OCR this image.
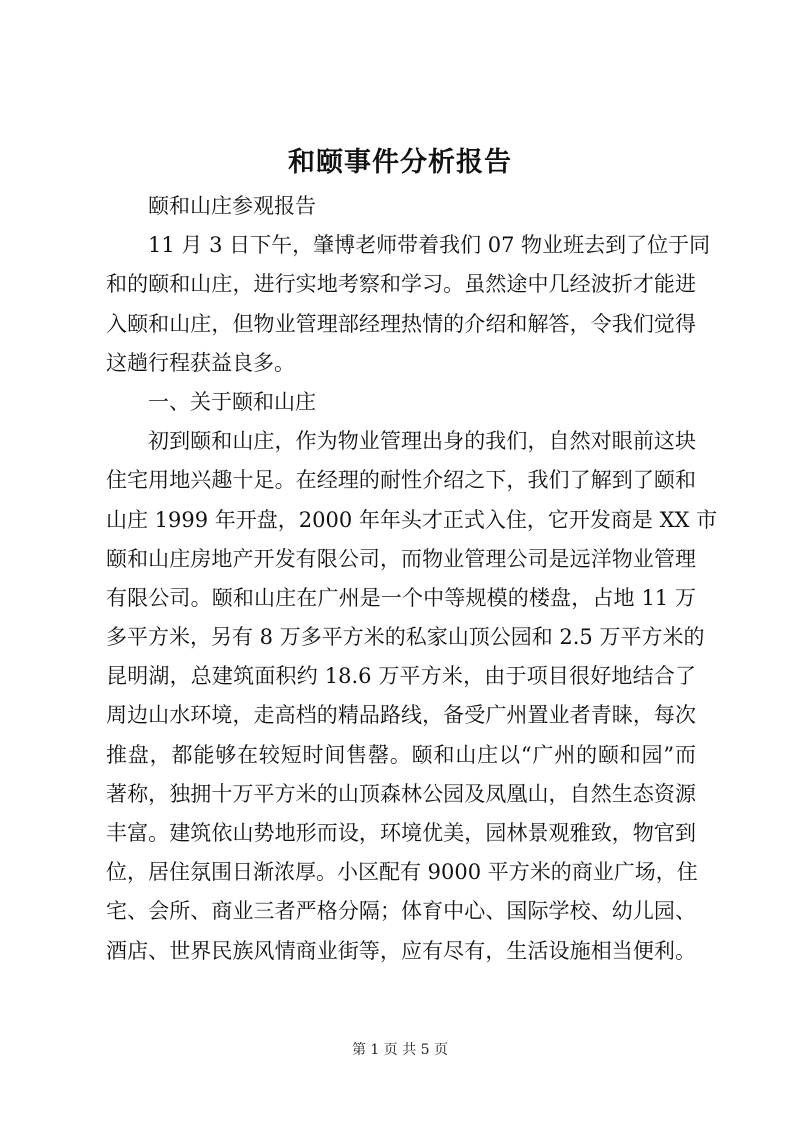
和颐事件分析报告
颐和山庄参观报告
11 月 3 日下午，肇博老师带着我们 07 物业班去到了位于同
和的颐和山庄，进行实地考察和学习。虽然途中几经波折才能进
入颐和山庄，但物业管理部经理热情的介绍和解答，令我们觉得
这趟行程获益良多。
一、关于颐和山庄
初到颐和山庄，作为物业管理出身的我们，自然对眼前这块
住宅用地兴趣十足。在经理的耐性介绍之下，我们了解到了颐和
山庄 1999 年开盘，2000 年年头才正式入住，它开发商是 XX 市
颐和山庄房地产开发有限公司，而物业管理公司是远洋物业管理
有限公司。颐和山庄在广州是一个中等规模的楼盘，占地 11 万
多平方米，另有 8 万多平方米的私家山顶公园和 2.5 万平方米的
昆明湖，总建筑面积约 18.6 万平方米，由于项目很好地结合了
周边山水环境，走高档的精品路线，备受广州置业者青睐，每次
推盘，都能够在较短时间售罄。颐和山庄以“广州的颐和园”而
著称，独拥十万平方米的山顶森林公园及凤凰山，自然生态资源
丰富。建筑依山势地形而设，环境优美，园林景观雅致，物官到
位，居住氛围日渐浓厚。小区配有 9000 平方米的商业广场，住
宅、会所、商业三者严格分隔；体育中心、国际学校、幼儿园、
酒店、世界民族风情商业街等，应有尽有，生活设施相当便利。
第 1 页 共 5 页
